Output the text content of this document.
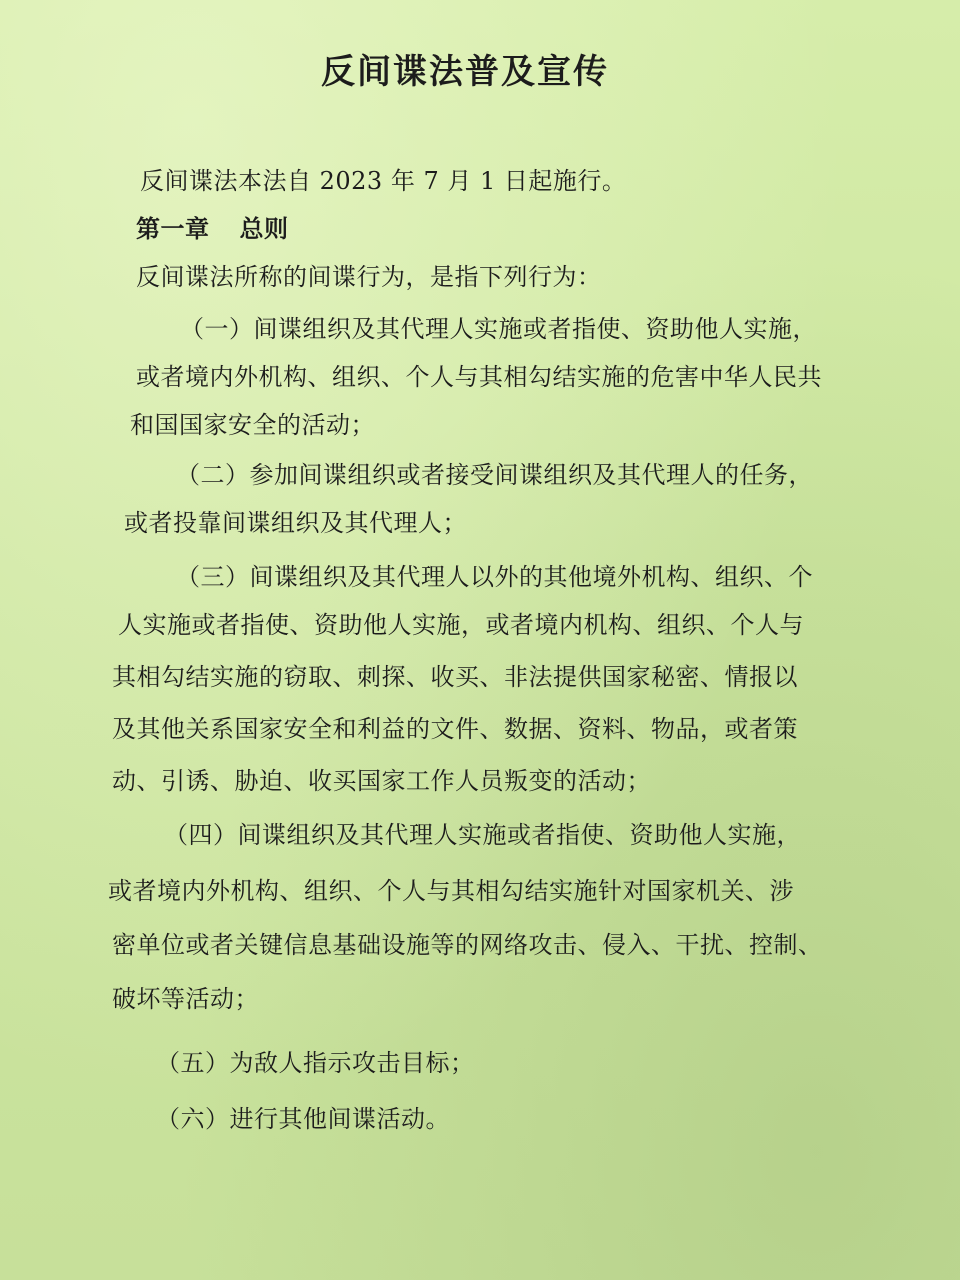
反间谍法普及宣传
反间谍法本法自 2023 年 7 月 1 日起施行。
第一章 总则
反间谍法所称的间谍行为，是指下列行为：
（一）间谍组织及其代理人实施或者指使、资助他人实施，
或者境内外机构、组织、个人与其相勾结实施的危害中华人民共
和国国家安全的活动；
（二）参加间谍组织或者接受间谍组织及其代理人的任务，
或者投靠间谍组织及其代理人；
（三）间谍组织及其代理人以外的其他境外机构、组织、个
人实施或者指使、资助他人实施，或者境内机构、组织、个人与
其相勾结实施的窃取、刺探、收买、非法提供国家秘密、情报以
及其他关系国家安全和利益的文件、数据、资料、物品，或者策
动、引诱、胁迫、收买国家工作人员叛变的活动；
（四）间谍组织及其代理人实施或者指使、资助他人实施，
或者境内外机构、组织、个人与其相勾结实施针对国家机关、涉
密单位或者关键信息基础设施等的网络攻击、侵入、干扰、控制、
破坏等活动；
（五）为敌人指示攻击目标；
（六）进行其他间谍活动。
